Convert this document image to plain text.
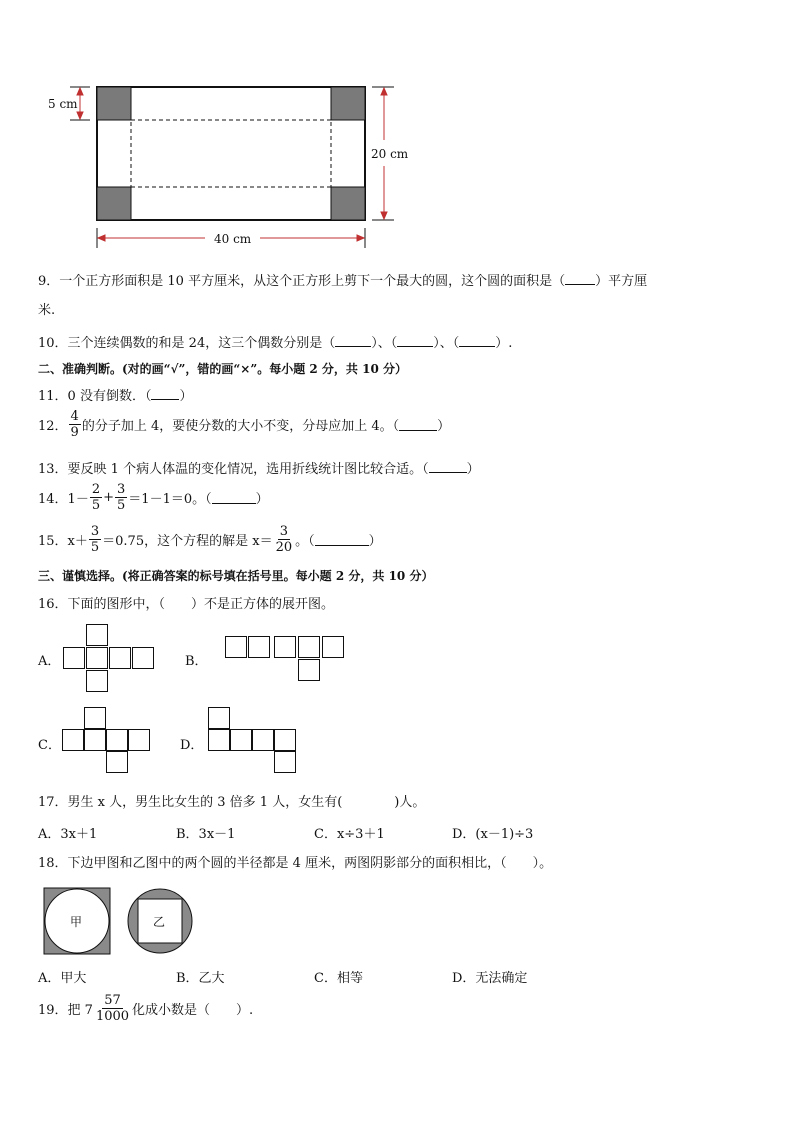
5 cm
20 cm
40 cm
9．一个正方形面积是 10 平方厘米，从这个正方形上剪下一个最大的圆，这个圆的面积是（ ）平方厘
米.
10．三个连续偶数的和是 24，这三个偶数分别是（	）、（	）、（	）.
二、准确判断。(对的画“√”，错的画“×”。每小题 2 分，共 10 分）
11．0 没有倒数．（ ）
12． $\frac{4}{9}$ 的分子加上 4，要使分数的大小不变，分母应加上 4。（	）
13．要反映 1 个病人体温的变化情况，选用折线统计图比较合适。（	）
14．$1- \frac{2}{5} + \frac{3}{5} =1-1=0$。（	）
15．$x+ \frac{3}{5} =0.75$，这个方程的解是 $x= \frac{3}{20}$ 。（	）
三、谨慎选择。(将正确答案的标号填在括号里。每小题 2 分，共 10 分）
16．下面的图形中，（　　）不是正方体的展开图。
A．	B．
C．	D．
17．男生 x 人，男生比女生的 3 倍多 1 人，女生有(　　　　)人。
A．3x＋1	B．3x－1	C．x÷3＋1	D．(x－1)÷3
18．下边甲图和乙图中的两个圆的半径都是 4 厘米，两图阴影部分的面积相比，（　　）。
甲	乙
A．甲大	B．乙大	C．相等	D．无法确定
19．把 $7 \frac{57}{1000}$ 化成小数是（　　）.
